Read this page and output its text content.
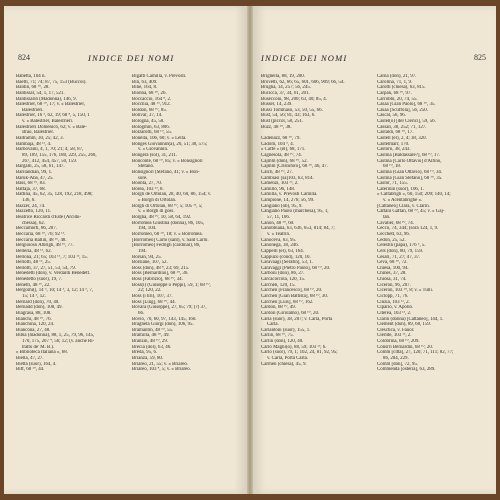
824	INDICE DEI NOMI
Babetta, 104 n.
Baetti, 71; 74; 87, 75, 153 (Buccoi).
Baldin, 68 ¹⁰, 28.
Baldissar, 54, 1, 17, 521.
Baldissarin (Madonna), 146, 9.
Balestrier, 68 ¹⁰, 17; v. » Balestrier,
Balestrieri.
Balestrier, 16 ⁵, 62, 19; 68 ⁸, 5, 150, 1
v. » Balestrier, Balestrieri.
Balestrieri Domenico, 62; v. » Bale-
strao, Balestrier.
Baltramm, 30, 25; 42, 3.
Bambaja, 48 ¹⁵, 4.
Barbovaini, 4, 1, 70; 21; 4, 58, 87,
89, 109, 155, 176, 180, 229, 255, 260,
267, 412, 454, 457, 50, 159.
Bargalli, 25, 58, 61, 147.
Barilandian, 99, 1.
Baruk-Abà, 47, 25.
Bass, 68 ¹⁰, 83.
Battaja, 37, 68.
Battina, 45, 62, 35, 128, 192, 218, 498;
136, 6.
Bazzer, 24, 74.
Bazzetto, 120, 11.
Beatrice Riccardi d'Este (Arcidu-
chessa), 62.
Beccamorti, 86, 207.
Beccaria, 68 ¹⁰, 76; 92 ¹⁵.
Beccaria Ballin, 48 ¹⁶, 48.
Belgioioso Albrigh, 48 ¹⁶, 77.
Belleria, 48 ¹⁵, 62.
Bellona, 21; 65; 103 ¹⁵, 7; 103 ¹³, 15.
Bellotti, 48 ¹⁵, 25.
Bellotti, 37, 27, 51, 53, 54, 79.
Benedetti (don), v. Verdardi Benedett.
Benedetto (suor), 19, 7.
Benetti, 48 ¹⁶, 22.
Bergomi(), 14 ⁵, 10; 14 ⁵, 3, 12; 14 ⁵, 7,
15; 14 ⁵, 12.
Bernard (don), 70, 40.
Bernadd (don), 108, 49.
Biagrasa, 88, 108.
Bianchi, 48 ¹⁰, 76.
Bianchina, 120, 24.
Biancona, 27, 48.
Bibia (madonna), 88, 1, 25, 79, 96, 145,
170, 175, 207 ⁴, 56; 12; (v. anche Ri-
tratto de' M. B.).
» Biblioteca Italiana », 68.
Biella, 47, 27.
Bietta (suor), 164, 4.
Biff, 68 ¹⁰, 44.
Bigatti Camilla, v. Prevosti.
Bin, 63, 409.
Bine, 164, 8.
Bionna, 68 ¹⁰, 26.
Boccaccio, 164 ⁸, 2.
Bocchia, 48 ¹⁵, 912.
Boldon, 68 ¹⁰, 85.
Bolivar, 37, 14.
Bologna, 45, 50.
Bologmin, 63, 806.
Bolzarotti, 68 ¹⁰, 55.
Bonella, 106, 60; v. » Lella.
Bonges Giovannin(a), 20, 51; 38, 575;
v. » Giovannin.
Bongera (sol), 31, 211.
Bonconte, 68 ¹⁰, 85; v. » Bonsignori
Stefano.
Bonsignori (Stefano, 41; v. » Bon-
sore.
Boonta, 27, 70.
Borea, 103 ¹³, 8.
Borgh de Ortolan, 28, 40, 60, 86, 154; v.
» Borgh di Ortolan.
Borgh di Ortolan, 68 ¹⁰, 5; 105 ¹³, 5;
v. » Borgh di goss.
Borgna, 48 ¹⁰, 10, 58, 64, 192.
Borromea Giustina (donna), 86, 105,
194, 104.
Borromeo, 68 ¹⁰, 18; v. » Borromea.
[Borromeo] Carlo (sant), v. Sant Carlo.
[Borromeo] Fedrigh (cardinal), 86,
194.
Borsan, 94, 25.
Borsiane, 107, 52.
Boss (don), 48 ⁸, 23; 69, 215.
Boss [Bernardino], 68 ¹⁰, 36.
Boss [Fabrizio], 68 ¹⁰, 34.
Boss(i) (Giuseppe o Peppi), 59, 1; 68 ¹⁰,
22; 120, 22.
Boss (i tiri), 107, 37.
Boss [Luig], 68 ¹⁰, 44.
Bovara (Giuseppe), 27, 65; 79; (?) 37,
66.
Bovio, 70, 60, 97, 143, 145, 160.
Bragheta Giorgi (don), 106, 95.
Bramantin, 48 ¹⁰, 55.
Bramilla, 48 ¹⁰, 49.
Branzin, 48 ¹⁰, 29.
Brecia (dol), 63, 46.
Breda, 95, 6.
Brianza, 59, 80.
Briareo, 21, 55; v. » Briareo.
Briareo, 103 ⁴, 5; v. » Briareo.
INDICE DEI NOMI	825
Brighella, 88, 19, 200.
Brovetti, 62, 66; 65, 601, 606, 909; 66, 54.
Brughà, 14, 257; 56, 245.
Bucicca, 37, 34, 61, 201.
Busecconi, 98, 200; 63, 40; 85, 4.
Busser, 14, 239.
Bussi Tommaso, 53, 50, 55, 66.
Bust, 54, 56; 81, 43; 163, 6.
Bust (piccol, 58, 251.
Buzz, 48 ¹⁰, 38.

Cadenazz, 68 ¹⁰, 79.
Cadom, 104 ⁵, 4.
» Caffè » (el), 68, 171.
Cagnesola, 48 ¹⁰, 74.
Cajmm (don), 68 ¹⁰, 52.
Cajmm [Cristoforo], 68 ¹⁰, 46, 47.
Calch, 48 ¹⁰, 27.
Cambiasi [sa]103, 63, 814.
Camenzi, 103 ¹³, 2.
Camillo, 96, 148.
Camilla, v. Prevosti Camilla.
Campione, 14, 276; 56, 99.
Cangiano (ob), 95, 9.
Cangiano Paolo (marchesa), 95, 1,
57, 11, 106.
Canon, 48 ¹⁰, 60.
Canobbiana, 63, 636, 653, 814; 84, 7;
v. » Teatrin.
Canoceva, 63, 95.
Canonega, 38, 246.
Cappelli (el), 63, 164.
Cappuzo (cond), 120, 10.
Caravaagi [Serafin], 53, 1.
Caravaggi [Pietro Paolo], 68 ¹⁰, 20.
Carbonì (don), 86, 27.
Carcacorcola, 120, 15.
Carchen, 120, 15.
Carchen [Francesco], 68 ¹⁰, 20.
Carchen [Gian Battista], 68 ¹⁰, 30.
Carchen [Luis], 68 ¹⁰, 162.
Cardon, 68 ¹⁰, 49.
Cardon (Girolamo), 68 ¹⁰, 20.
Carla (suor), 38, 207; v. Carla, Porta
Carla.
Carlantoni (suor), 155, 1.
Carlin, 68 ¹⁰, 75.
Carlin (don), 120, 40.
Carlo Magni(o), 88, 59; 103 ¹³, 6.
Carlo (suor), 79, 1; 102, 24, 81, 92, 95;
v. Carla, Porta Carla.
Carmen (chiesa), 45, 9.
Carna (don), 21, 97.
Carolina, 71, 1, 9.
Carotti (chiesa), 63, 815.
Carpan, 68 ¹⁰, 97.
Carrobbi, 20, 74, 55.
Casaa [Gian Paolo], 68 ¹⁰, 35.
Casaa [Scuffola], 56, 250.
Cascal, 56, 96.
Castel(o) [del Clerici], 59, 56.
Cassan, 38, 252; 71, 127.
Castaldi, 68 ¹⁰, 17.
Castell (el), 2, 4; 38, 320.
Castelmarr, 170.
Castoro, 38, 243.
Castina [Baldassare?], 68 ¹⁰, 17.
Castina [Carlo Ottavio] d'Alfino,
68 ¹⁰, 18.
Castina (Gian Ottavio), 68 ¹⁰, 34.
Castina [Gian Stefano], 68 ¹⁰, 35.
Castor, 71, 155.
Caterinin (suor), 106, 1.
« Cattabrigh », 60, 150; 209; 140, 14;
v. » Acentabrighe ».
[Cattaneo] Clara, v. Clarin.
Cattani Gaftan, 68 ¹⁰, 45; v. » Gaj-
tan.
Cavalier, 68 ¹⁰, 74.
Cecco, 74, 344; (sora 124, 1, 9.
Cecchett, 63, 96.
Cedon, 25, 52.
Celestin (papa), 176 ⁵, 5.
Cels (don), 80, 79, 159.
Cesari, 71, 27; 47, 37.
Ceva, 68 ¹⁰, 72.
Chiesa, 100, 94.
Chines, 37, 28.
Chiosa, 31, 74.
Ciceron, 96, 207.
Ciceron, 103 ¹⁰, 8; v. » Tulli.
Ciclopp, 71, 76.
Cinzia, 103 ¹³, 2.
Cipario, v. Apollo.
Citerea, 103 ¹³, 2.
Clarin (donna) [Cattaneo], 144, 1.
Clement (don), 89, 68, 159.
Clesctica, v. Fauor.
Cleride, 103 ¹³, 2.
Colobrina, 68 ¹⁰, 209.
Consrri Bernardin, 68 ¹⁰, 20.
Comm [città], 27, 120; 71, 111; 82, 77;
86, 204, 229.
Comm [don], 72, 95.
Commenda [osteria], 63, 289.
